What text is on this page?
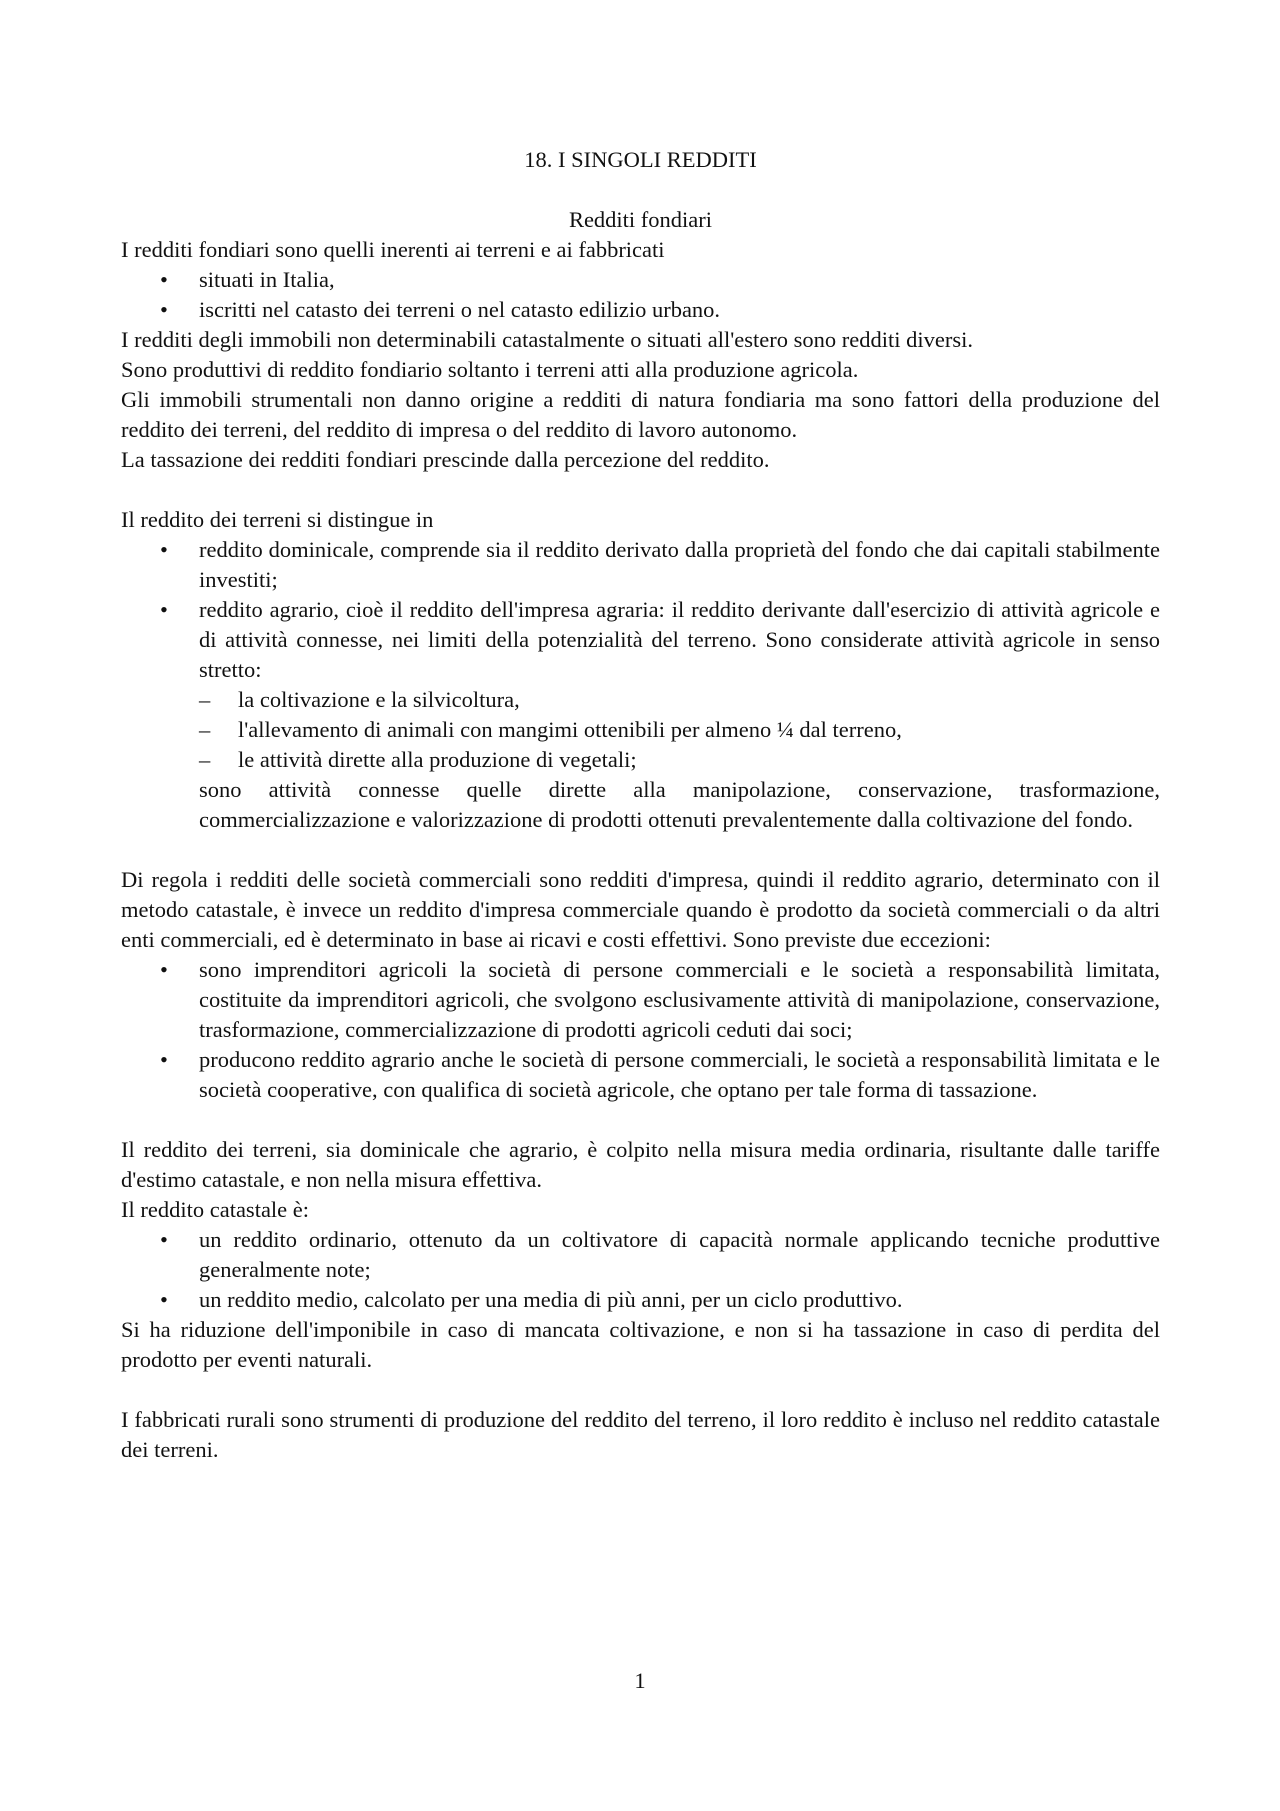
18. I SINGOLI REDDITI
Redditi fondiari

I redditi fondiari sono quelli inerenti ai terreni e ai fabbricati

•	situati in Italia,
•	iscritti nel catasto dei terreni o nel catasto edilizio urbano.

I redditi degli immobili non determinabili catastalmente o situati all'estero sono redditi diversi.

Sono produttivi di reddito fondiario soltanto i terreni atti alla produzione agricola.

Gli immobili strumentali non danno origine a redditi di natura fondiaria ma sono fattori della produzione del reddito dei terreni, del reddito di impresa o del reddito di lavoro autonomo.

La tassazione dei redditi fondiari prescinde dalla percezione del reddito.

Il reddito dei terreni si distingue in

•	reddito dominicale, comprende sia il reddito derivato dalla proprietà del fondo che dai capitali stabilmente investiti;
•	reddito agrario, cioè il reddito dell'impresa agraria: il reddito derivante dall'esercizio di attività agricole e di attività connesse, nei limiti della potenzialità del terreno. Sono considerate attività agricole in senso stretto:
–	la coltivazione e la silvicoltura,
–	l'allevamento di animali con mangimi ottenibili per almeno ¼ dal terreno,
–	le attività dirette alla produzione di vegetali;
sono attività connesse quelle dirette alla manipolazione, conservazione, trasformazione, commercializzazione e valorizzazione di prodotti ottenuti prevalentemente dalla coltivazione del fondo.

Di regola i redditi delle società commerciali sono redditi d'impresa, quindi il reddito agrario, determinato con il metodo catastale, è invece un reddito d'impresa commerciale quando è prodotto da società commerciali o da altri enti commerciali, ed è determinato in base ai ricavi e costi effettivi. Sono previste due eccezioni:

•	sono imprenditori agricoli la società di persone commerciali e le società a responsabilità limitata, costituite da imprenditori agricoli, che svolgono esclusivamente attività di manipolazione, conservazione, trasformazione, commercializzazione di prodotti agricoli ceduti dai soci;
•	producono reddito agrario anche le società di persone commerciali, le società a responsabilità limitata e le società cooperative, con qualifica di società agricole, che optano per tale forma di tassazione.

Il reddito dei terreni, sia dominicale che agrario, è colpito nella misura media ordinaria, risultante dalle tariffe d'estimo catastale, e non nella misura effettiva.

Il reddito catastale è:

•	un reddito ordinario, ottenuto da un coltivatore di capacità normale applicando tecniche produttive generalmente note;
•	un reddito medio, calcolato per una media di più anni, per un ciclo produttivo.

Si ha riduzione dell'imponibile in caso di mancata coltivazione, e non si ha tassazione in caso di perdita del prodotto per eventi naturali.

I fabbricati rurali sono strumenti di produzione del reddito del terreno, il loro reddito è incluso nel reddito catastale dei terreni.

1
